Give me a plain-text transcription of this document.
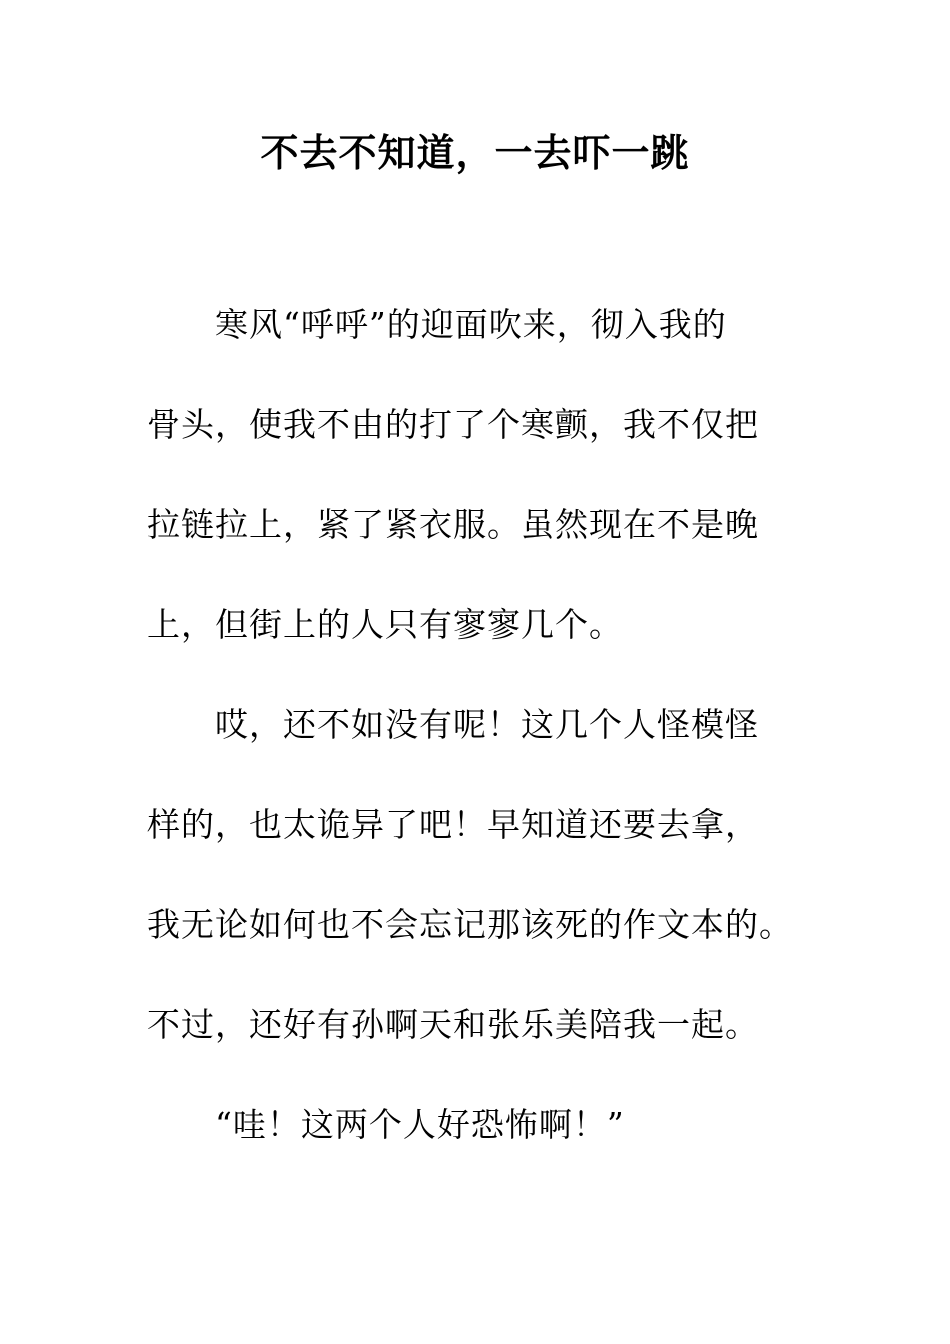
不去不知道，一去吓一跳
　　寒风“呼呼”的迎面吹来，彻入我的
骨头，使我不由的打了个寒颤，我不仅把
拉链拉上，紧了紧衣服。虽然现在不是晚
上，但街上的人只有寥寥几个。
　　哎，还不如没有呢！这几个人怪模怪
样的，也太诡异了吧！早知道还要去拿，
我无论如何也不会忘记那该死的作文本的。
不过，还好有孙啊天和张乐美陪我一起。
　　“哇！这两个人好恐怖啊！”
